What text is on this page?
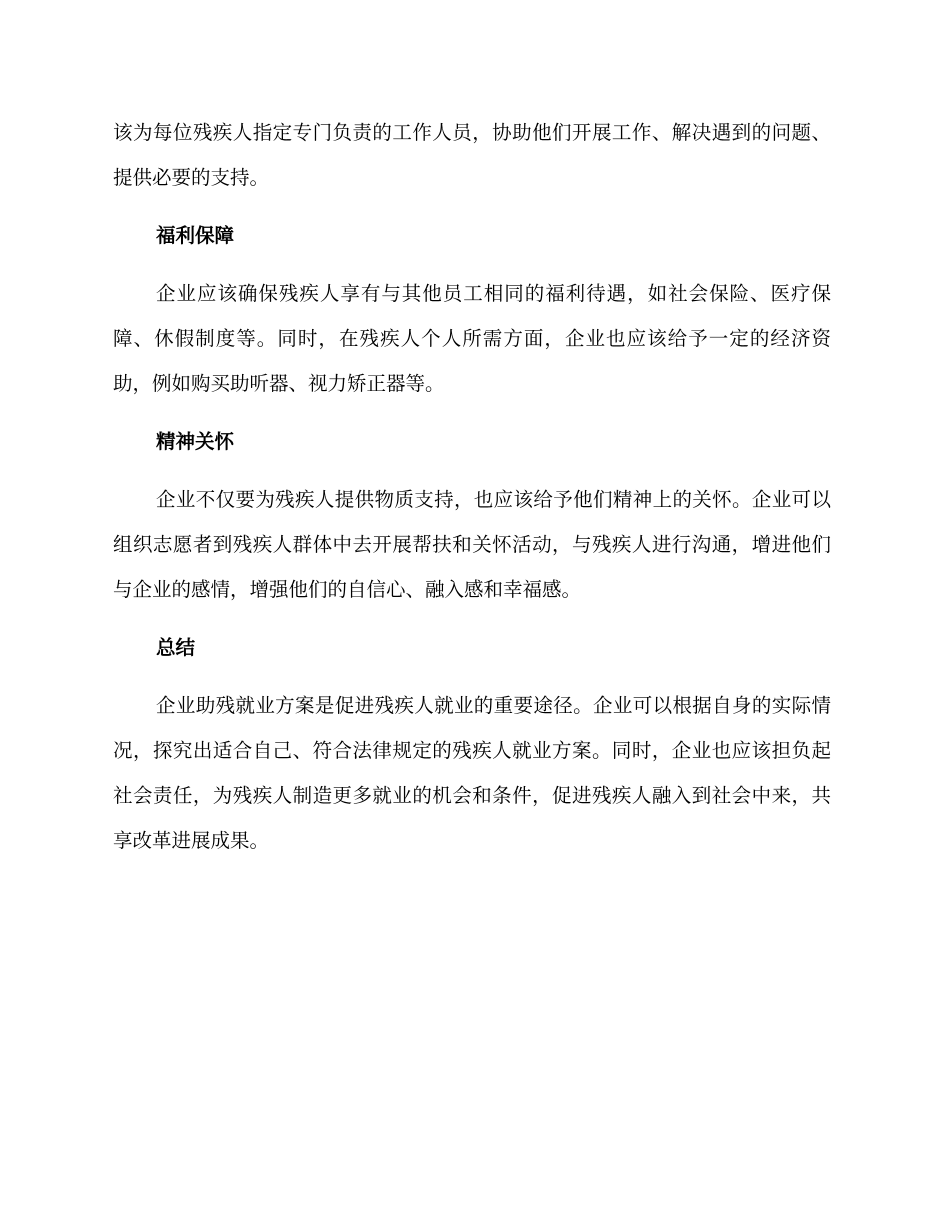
该为每位残疾人指定专门负责的工作人员，协助他们开展工作、解决遇到的问题、提供必要的支持。

福利保障

企业应该确保残疾人享有与其他员工相同的福利待遇，如社会保险、医疗保障、休假制度等。同时，在残疾人个人所需方面，企业也应该给予一定的经济资助，例如购买助听器、视力矫正器等。

精神关怀

企业不仅要为残疾人提供物质支持，也应该给予他们精神上的关怀。企业可以组织志愿者到残疾人群体中去开展帮扶和关怀活动，与残疾人进行沟通，增进他们与企业的感情，增强他们的自信心、融入感和幸福感。

总结

企业助残就业方案是促进残疾人就业的重要途径。企业可以根据自身的实际情况，探究出适合自己、符合法律规定的残疾人就业方案。同时，企业也应该担负起社会责任，为残疾人制造更多就业的机会和条件，促进残疾人融入到社会中来，共享改革进展成果。
